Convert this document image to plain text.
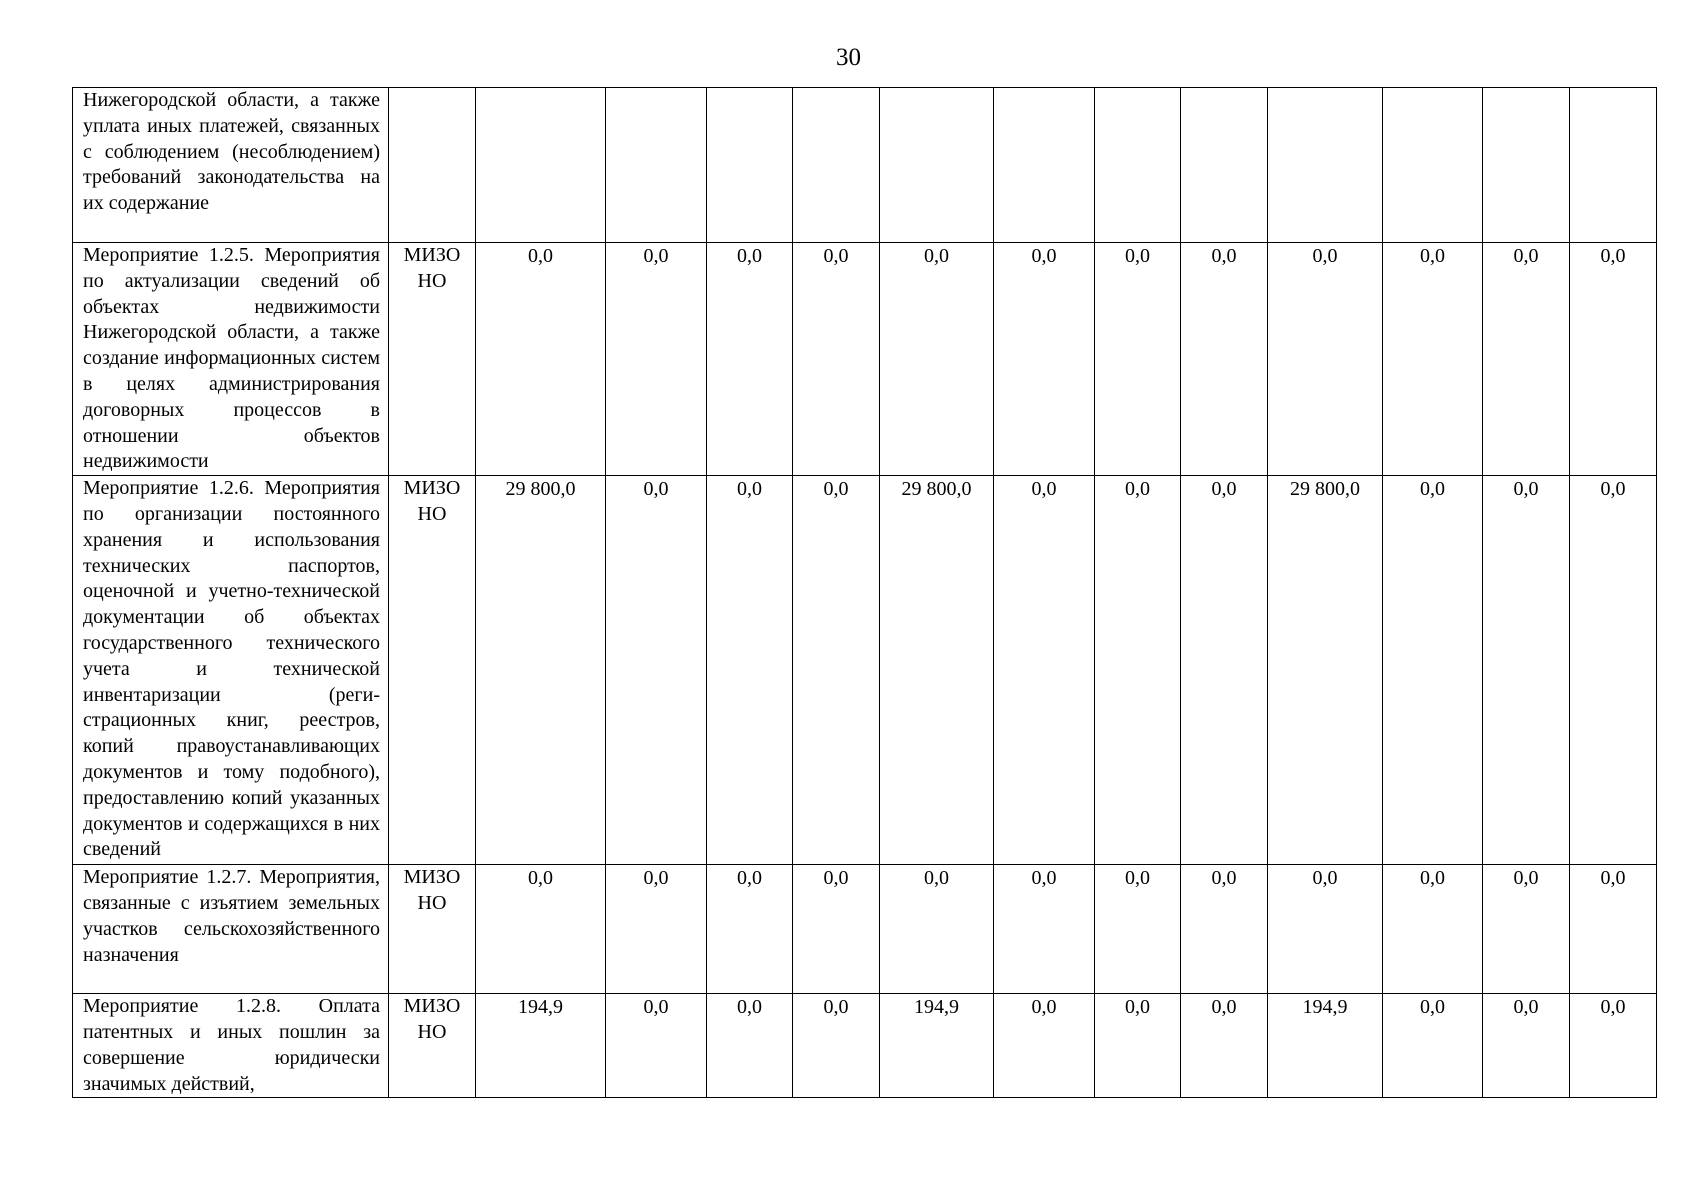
30
Нижегородской области, а также уплата иных платежей, связанных с соблюдением (несоблюдением) требований законодательства на их содержание													

Мероприятие 1.2.5. Мероприятия по актуализации сведений об объектах недвижимости Нижегородской области, а также создание информационных систем в целях администрирования договорных процессов в отношении объектов недвижимости	МИЗО НО	0,0	0,0	0,0	0,0	0,0	0,0	0,0	0,0	0,0	0,0	0,0	0,0

Мероприятие 1.2.6. Мероприятия по организации постоянного хранения и использования технических паспортов, оценочной и учетно-технической документации об объектах государственного технического учета и технической инвентаризации (регистрационных книг, реестров, копий правоустанавливающих документов и тому подобного), предоставлению копий указанных документов и содержащихся в них сведений	МИЗО НО	29 800,0	0,0	0,0	0,0	29 800,0	0,0	0,0	0,0	29 800,0	0,0	0,0	0,0

Мероприятие 1.2.7. Мероприятия, связанные с изъятием земельных участков сельскохозяйственного назначения	МИЗО НО	0,0	0,0	0,0	0,0	0,0	0,0	0,0	0,0	0,0	0,0	0,0	0,0

Мероприятие 1.2.8. Оплата патентных и иных пошлин за совершение юридически значимых действий,	МИЗО НО	194,9	0,0	0,0	0,0	194,9	0,0	0,0	0,0	194,9	0,0	0,0	0,0
